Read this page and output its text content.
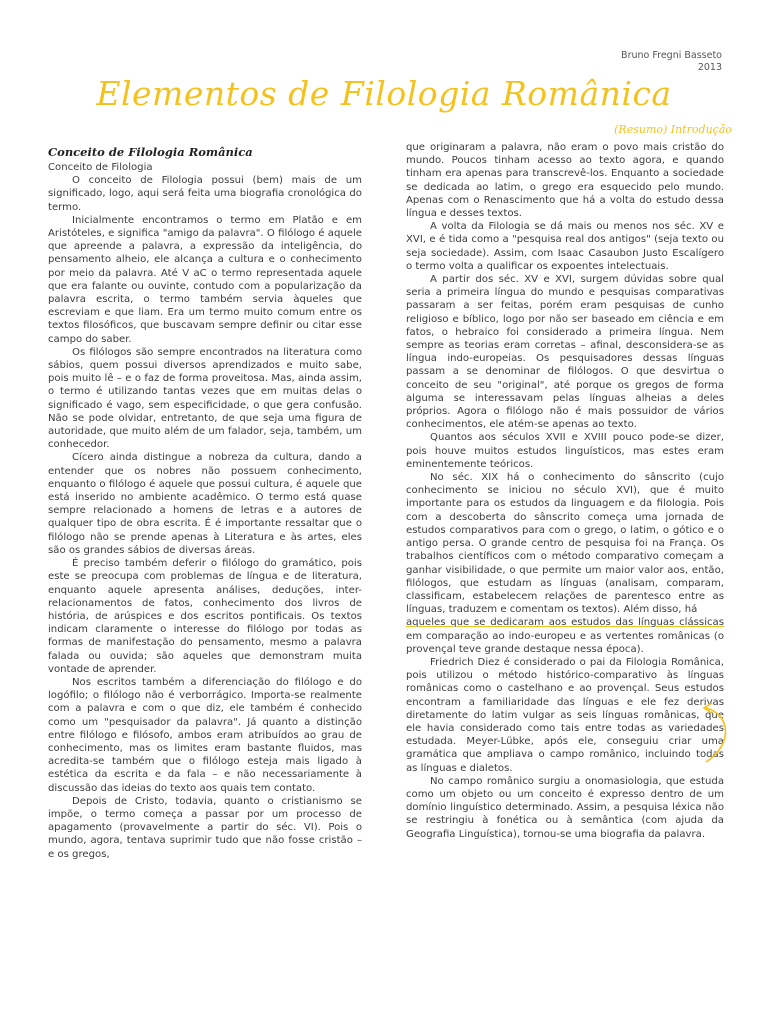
Bruno Fregni Basseto
2013
Elementos de Filologia Românica
(Resumo) Introdução
Conceito de Filologia Românica

Conceito de Filologia

O conceito de Filologia possui (bem) mais de um significado, logo, aqui será feita uma biografia cronológica do termo.

Inicialmente encontramos o termo em Platão e em Aristóteles, e significa "amigo da palavra". O filólogo é aquele que apreende a palavra, a expressão da inteligência, do pensamento alheio, ele alcança a cultura e o conhecimento por meio da palavra. Até V aC o termo representada aquele que era falante ou ouvinte, contudo com a popularização da palavra escrita, o termo também servia àqueles que escreviam e que liam. Era um termo muito comum entre os textos filosóficos, que buscavam sempre definir ou citar esse campo do saber.

Os filólogos são sempre encontrados na literatura como sábios, quem possui diversos aprendizados e muito sabe, pois muito lê – e o faz de forma proveitosa. Mas, ainda assim, o termo é utilizando tantas vezes que em muitas delas o significado é vago, sem especificidade, o que gera confusão. Não se pode olvidar, entretanto, de que seja uma figura de autoridade, que muito além de um falador, seja, também, um conhecedor.

Cícero ainda distingue a nobreza da cultura, dando a entender que os nobres não possuem conhecimento, enquanto o filólogo é aquele que possui cultura, é aquele que está inserido no ambiente acadêmico. O termo está quase sempre relacionado a homens de letras e a autores de qualquer tipo de obra escrita. É é importante ressaltar que o filólogo não se prende apenas à Literatura e às artes, eles são os grandes sábios de diversas áreas.

É preciso também deferir o filólogo do gramático, pois este se preocupa com problemas de língua e de literatura, enquanto aquele apresenta análises, deduções, inter-relacionamentos de fatos, conhecimento dos livros de história, de arúspices e dos escritos pontificais. Os textos indicam claramente o interesse do filólogo por todas as formas de manifestação do pensamento, mesmo a palavra falada ou ouvida; são aqueles que demonstram muita vontade de aprender.

Nos escritos também a diferenciação do filólogo e do logófilo; o filólogo não é verborrágico. Importa-se realmente com a palavra e com o que diz, ele também é conhecido como um "pesquisador da palavra". Já quanto a distinção entre filólogo e filósofo, ambos eram atribuídos ao grau de conhecimento, mas os limites eram bastante fluidos, mas acredita-se também que o filólogo esteja mais ligado à estética da escrita e da fala – e não necessariamente à discussão das ideias do texto aos quais tem contato.

Depois de Cristo, todavia, quanto o cristianismo se impõe, o termo começa a passar por um processo de apagamento (provavelmente a partir do séc. VI). Pois o mundo, agora, tentava suprimir tudo que não fosse cristão – e os gregos,

que originaram a palavra, não eram o povo mais cristão do mundo. Poucos tinham acesso ao texto agora, e quando tinham era apenas para transcrevê-los. Enquanto a sociedade se dedicada ao latim, o grego era esquecido pelo mundo. Apenas com o Renascimento que há a volta do estudo dessa língua e desses textos.

A volta da Filologia se dá mais ou menos nos séc. XV e XVI, e é tida como a "pesquisa real dos antigos" (seja texto ou seja sociedade). Assim, com Isaac Casaubon Justo Escalígero o termo volta a qualificar os expoentes intelectuais.

A partir dos séc. XV e XVI, surgem dúvidas sobre qual seria a primeira língua do mundo e pesquisas comparativas passaram a ser feitas, porém eram pesquisas de cunho religioso e bíblico, logo por não ser baseado em ciência e em fatos, o hebraico foi considerado a primeira língua. Nem sempre as teorias eram corretas – afinal, desconsidera-se as língua indo-europeias. Os pesquisadores dessas línguas passam a se denominar de filólogos. O que desvirtua o conceito de seu "original", até porque os gregos de forma alguma se interessavam pelas línguas alheias a deles próprios. Agora o filólogo não é mais possuidor de vários conhecimentos, ele atém-se apenas ao texto.

Quantos aos séculos XVII e XVIII pouco pode-se dizer, pois houve muitos estudos linguísticos, mas estes eram eminentemente teóricos.

No séc. XIX há o conhecimento do sânscrito (cujo conhecimento se iniciou no século XVI), que é muito importante para os estudos da linguagem e da filologia. Pois com a descoberta do sânscrito começa uma jornada de estudos comparativos para com o grego, o latim, o gótico e o antigo persa. O grande centro de pesquisa foi na França. Os trabalhos científicos com o método comparativo começam a ganhar visibilidade, o que permite um maior valor aos, então, filólogos, que estudam as línguas (analisam, comparam, classificam, estabelecem relações de parentesco entre as línguas, traduzem e comentam os textos). Além disso, há

aqueles que se dedicaram aos estudos das línguas clássicas em comparação ao indo-europeu e as vertentes românicas (o provençal teve grande destaque nessa época).

Friedrich Diez é considerado o pai da Filologia Românica, pois utilizou o método histórico-comparativo às línguas românicas como o castelhano e ao provençal. Seus estudos encontram a familiaridade das línguas e ele fez derivas diretamente do latim vulgar as seis línguas românicas, que ele havia considerado como tais entre todas as variedades estudada. Meyer-Lübke, após ele, conseguiu criar uma gramática que ampliava o campo românico, incluindo todas as línguas e dialetos.

No campo românico surgiu a onomasiologia, que estuda como um objeto ou um conceito é expresso dentro de um domínio linguístico determinado. Assim, a pesquisa léxica não se restringiu à fonética ou à semântica (com ajuda da Geografia Linguística), tornou-se uma biografia da palavra.
